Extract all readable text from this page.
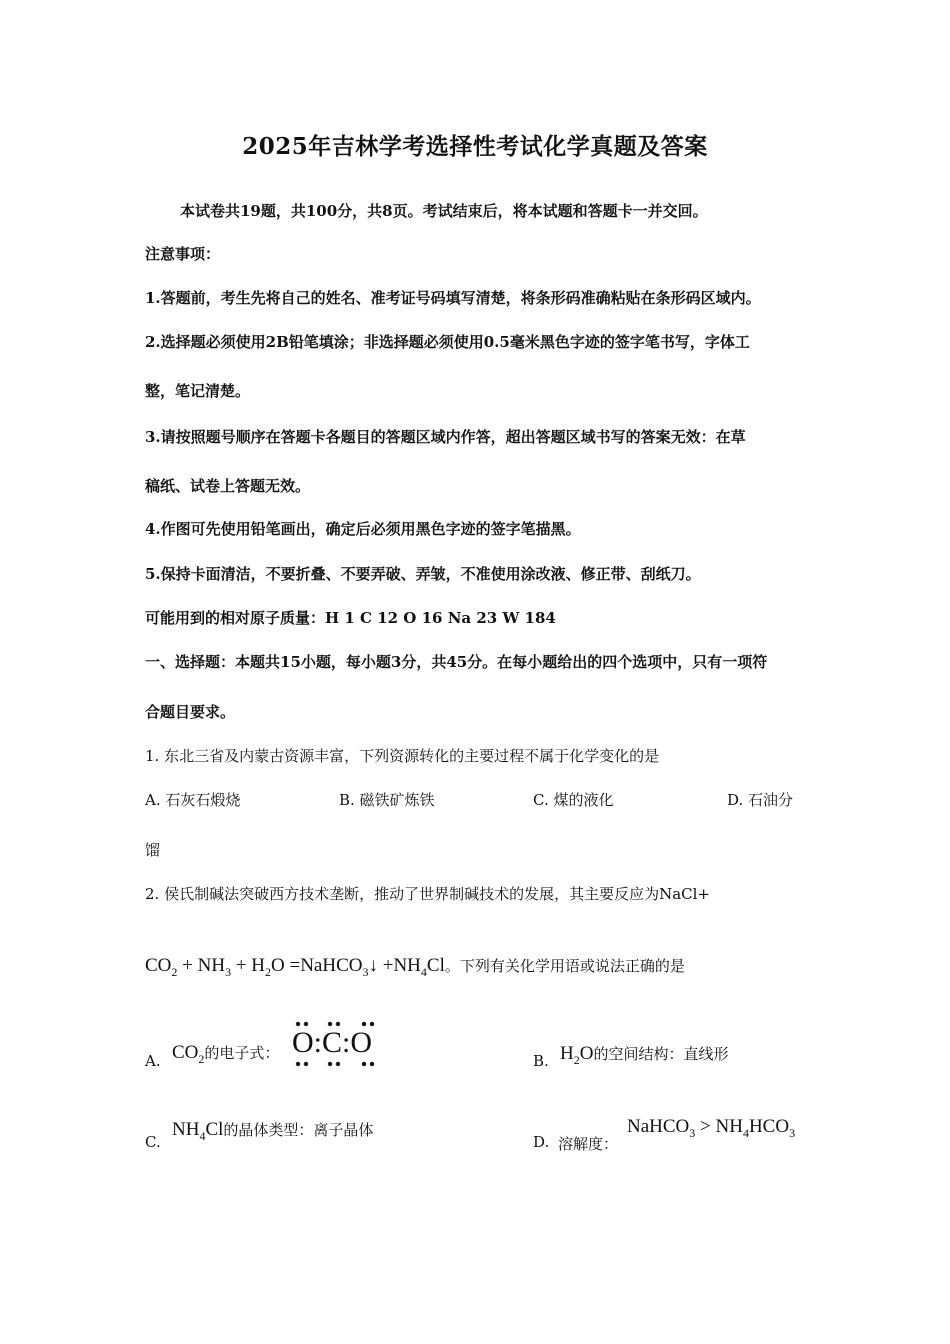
2025年吉林学考选择性考试化学真题及答案
本试卷共19题，共100分，共8页。考试结束后，将本试题和答题卡一并交回。
注意事项：
1.答题前，考生先将自己的姓名、准考证号码填写清楚，将条形码准确粘贴在条形码区域内。
2.选择题必须使用2B铅笔填涂；非选择题必须使用0.5毫米黑色字迹的签字笔书写，字体工
整，笔记清楚。
3.请按照题号顺序在答题卡各题目的答题区域内作答，超出答题区域书写的答案无效：在草
稿纸、试卷上答题无效。
4.作图可先使用铅笔画出，确定后必须用黑色字迹的签字笔描黑。
5.保持卡面清洁，不要折叠、不要弄破、弄皱，不准使用涂改液、修正带、刮纸刀。
可能用到的相对原子质量：H 1 C 12 O 16 Na 23 W 184
一、选择题：本题共15小题，每小题3分，共45分。在每小题给出的四个选项中，只有一项符
合题目要求。
1. 东北三省及内蒙古资源丰富，下列资源转化的主要过程不属于化学变化的是
A. 石灰石煅烧	B. 磁铁矿炼铁	C. 煤的液化	D. 石油分
馏
2. 侯氏制碱法突破西方技术垄断，推动了世界制碱技术的发展，其主要反应为NaCl+
$CO_2 + NH_3 + H_2O$ =NaHCO$_3$↓ $+NH_4Cl$。下列有关化学用语或说法正确的是
A. $CO_2$的电子式： O:C:O
B. $H_2O$的空间结构：直线形
C.
$NH_4Cl$的晶体类型：离子晶体
D. 溶解度：
NaHCO$_3$ > $NH_4HCO_3$
